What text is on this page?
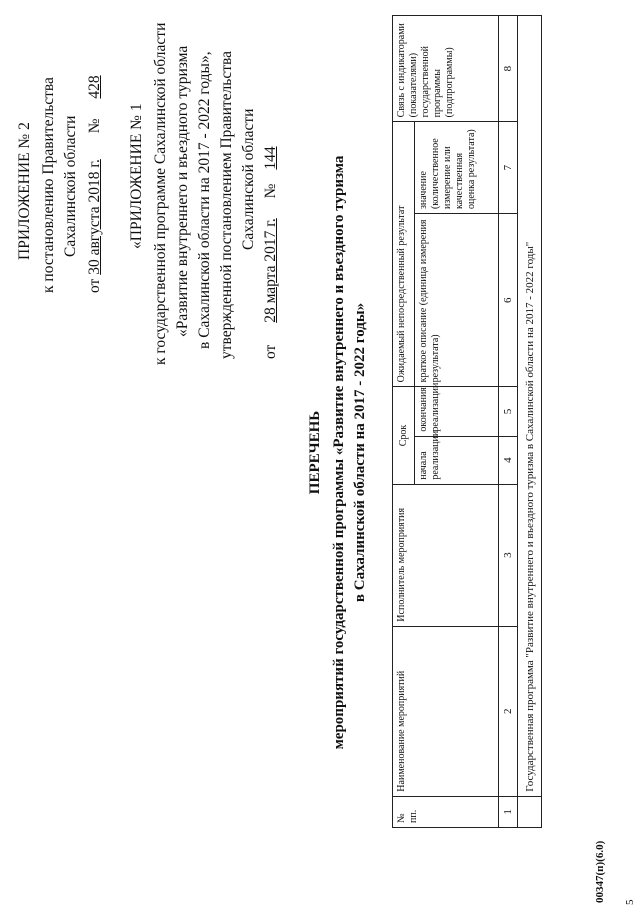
ПРИЛОЖЕНИЕ № 2 к постановлению Правительства Сахалинской области
от 30 августа 2018 г. № 428
«ПРИЛОЖЕНИЕ № 1 к государственной программе Сахалинской области «Развитие внутреннего и въездного туризма в Сахалинской области на 2017 - 2022 годы», утвержденной постановлением Правительства Сахалинской области
от 28 марта 2017 г. № 144
ПЕРЕЧЕНЬ мероприятий государственной программы «Развитие внутреннего и въездного туризма в Сахалинской области на 2017 - 2022 годы»
№ пп.	Наименование мероприятий	Исполнитель мероприятия	Срок		Ожидаемый непосредственный результат		Связь с индикаторами (показателями) государственной программы (подпрограммы)
			начала реализации	окончания реализации	краткое описание (единица измерения результата)	значение (количественное измерение или качественная оценка результата)	
1	2	3	4	5	6	7	8
	Государственная программа "Развитие внутреннего и въездного туризма в Сахалинской области на 2017 - 2022 годы"						
00347(п)(6.0) 5
